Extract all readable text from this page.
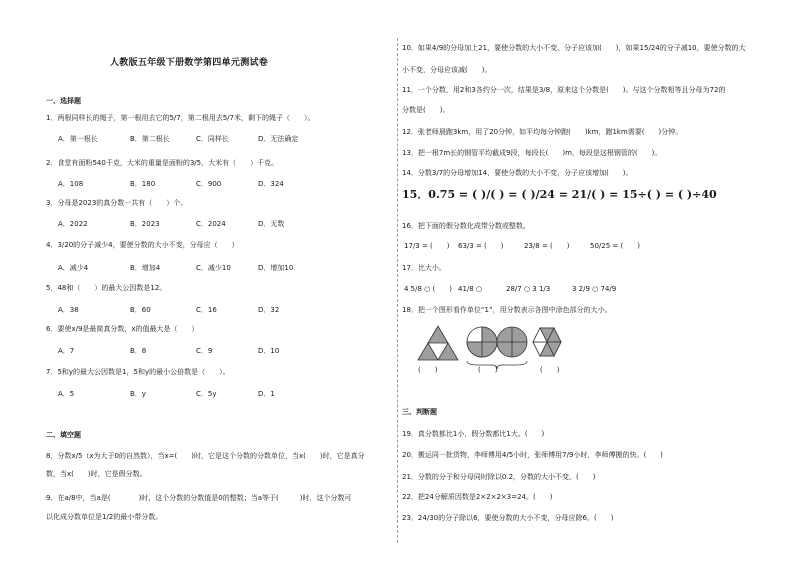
人教版五年级下册数学第四单元测试卷
一、选择题
1．两根同样长的绳子，第一根用去它的5/7，第二根用去5/7米，剩下的绳子（　　）。
A．第一根长	B．第二根长	C．同样长	D．无法确定
2．食堂有面粉540千克，大米的重量是面粉的3/5，大米有（　　）千克。
A．108	B．180	C．900	D．324
3．分母是2023的真分数一共有（　　）个。
A．2022	B．2023	C．2024	D．无数
4．3/20的分子减少4，要使分数的大小不变，分母应（　　）
A．减少4	B．增加4	C．减少10	D．增加10
5．48和（　　）的最大公因数是12。
A．38	B．60	C．16	D．32
6．要使x/9是最简真分数，x的值最大是（　　）
A．7	B．8	C．9	D．10
7．5和y的最大公因数是1，5和y的最小公倍数是（　　）。
A．5	B．y	C．5y	D．1
二、填空题
8．分数x/5（x为大于0的自然数），当x=(　　)时，它是这个分数的分数单位，当x(　　)时，它是真分
数，当x(　　)时，它是假分数。
9．在a/8中，当a是(　　　　)时，这个分数的分数值是0的整数；当a等于(　　　)时，这个分数可
以化成分数单位是1/2的最小带分数。
10．如果4/9的分母加上21，要使分数的大小不变，分子应该加(　　)，如果15/24的分子减10，要使分数的大
小不变，分母应该减(　　)。
11．一个分数，用2和3各约分一次，结果是3/8，原来这个分数是(　　)。与这个分数相等且分母为72的
分数是(　　)。
12．张老师晨跑3km，用了20分钟，如平均每分钟跑(　　)km，跑1km需要(　　)分钟。
13．把一根7m长的钢管平均截成9段，每段长(　　)m，每段是这根钢管的(　　)。
14．分数3/7的分母增加14，要使分数的大小不变，分子应该增加(　　)。
15．0.75 = ( )/( ) = ( )/24 = 21/( ) = 15÷( ) = ( )÷40
16．把下面的假分数化成带分数或整数。
17/3 = (　　) 63/3 = (　　)	23/8 = (　　)	50/25 = (　　)
17．比大小。
4 5/8 ○ (　　) 41/8 ○	28/7 ○ 3 1/3	3 2/9 ○ 74/9
18．把一个图形看作单位“1”，用分数表示各图中涂色部分的大小。
(　　)	(　　)	(　　)
三、判断题
19．真分数都比1小，假分数都比1大。(　　)
20．搬运同一批货物，李师傅用4/5小时，张师傅用7/9小时，李师傅搬的快。(　　)
21．分数的分子和分母同时除以0.2，分数的大小不变。(　　)
22．把24分解质因数是2×2×2×3=24。(　　)
23．24/30的分子除以6，要使分数的大小不变，分母应除6。(　　)
